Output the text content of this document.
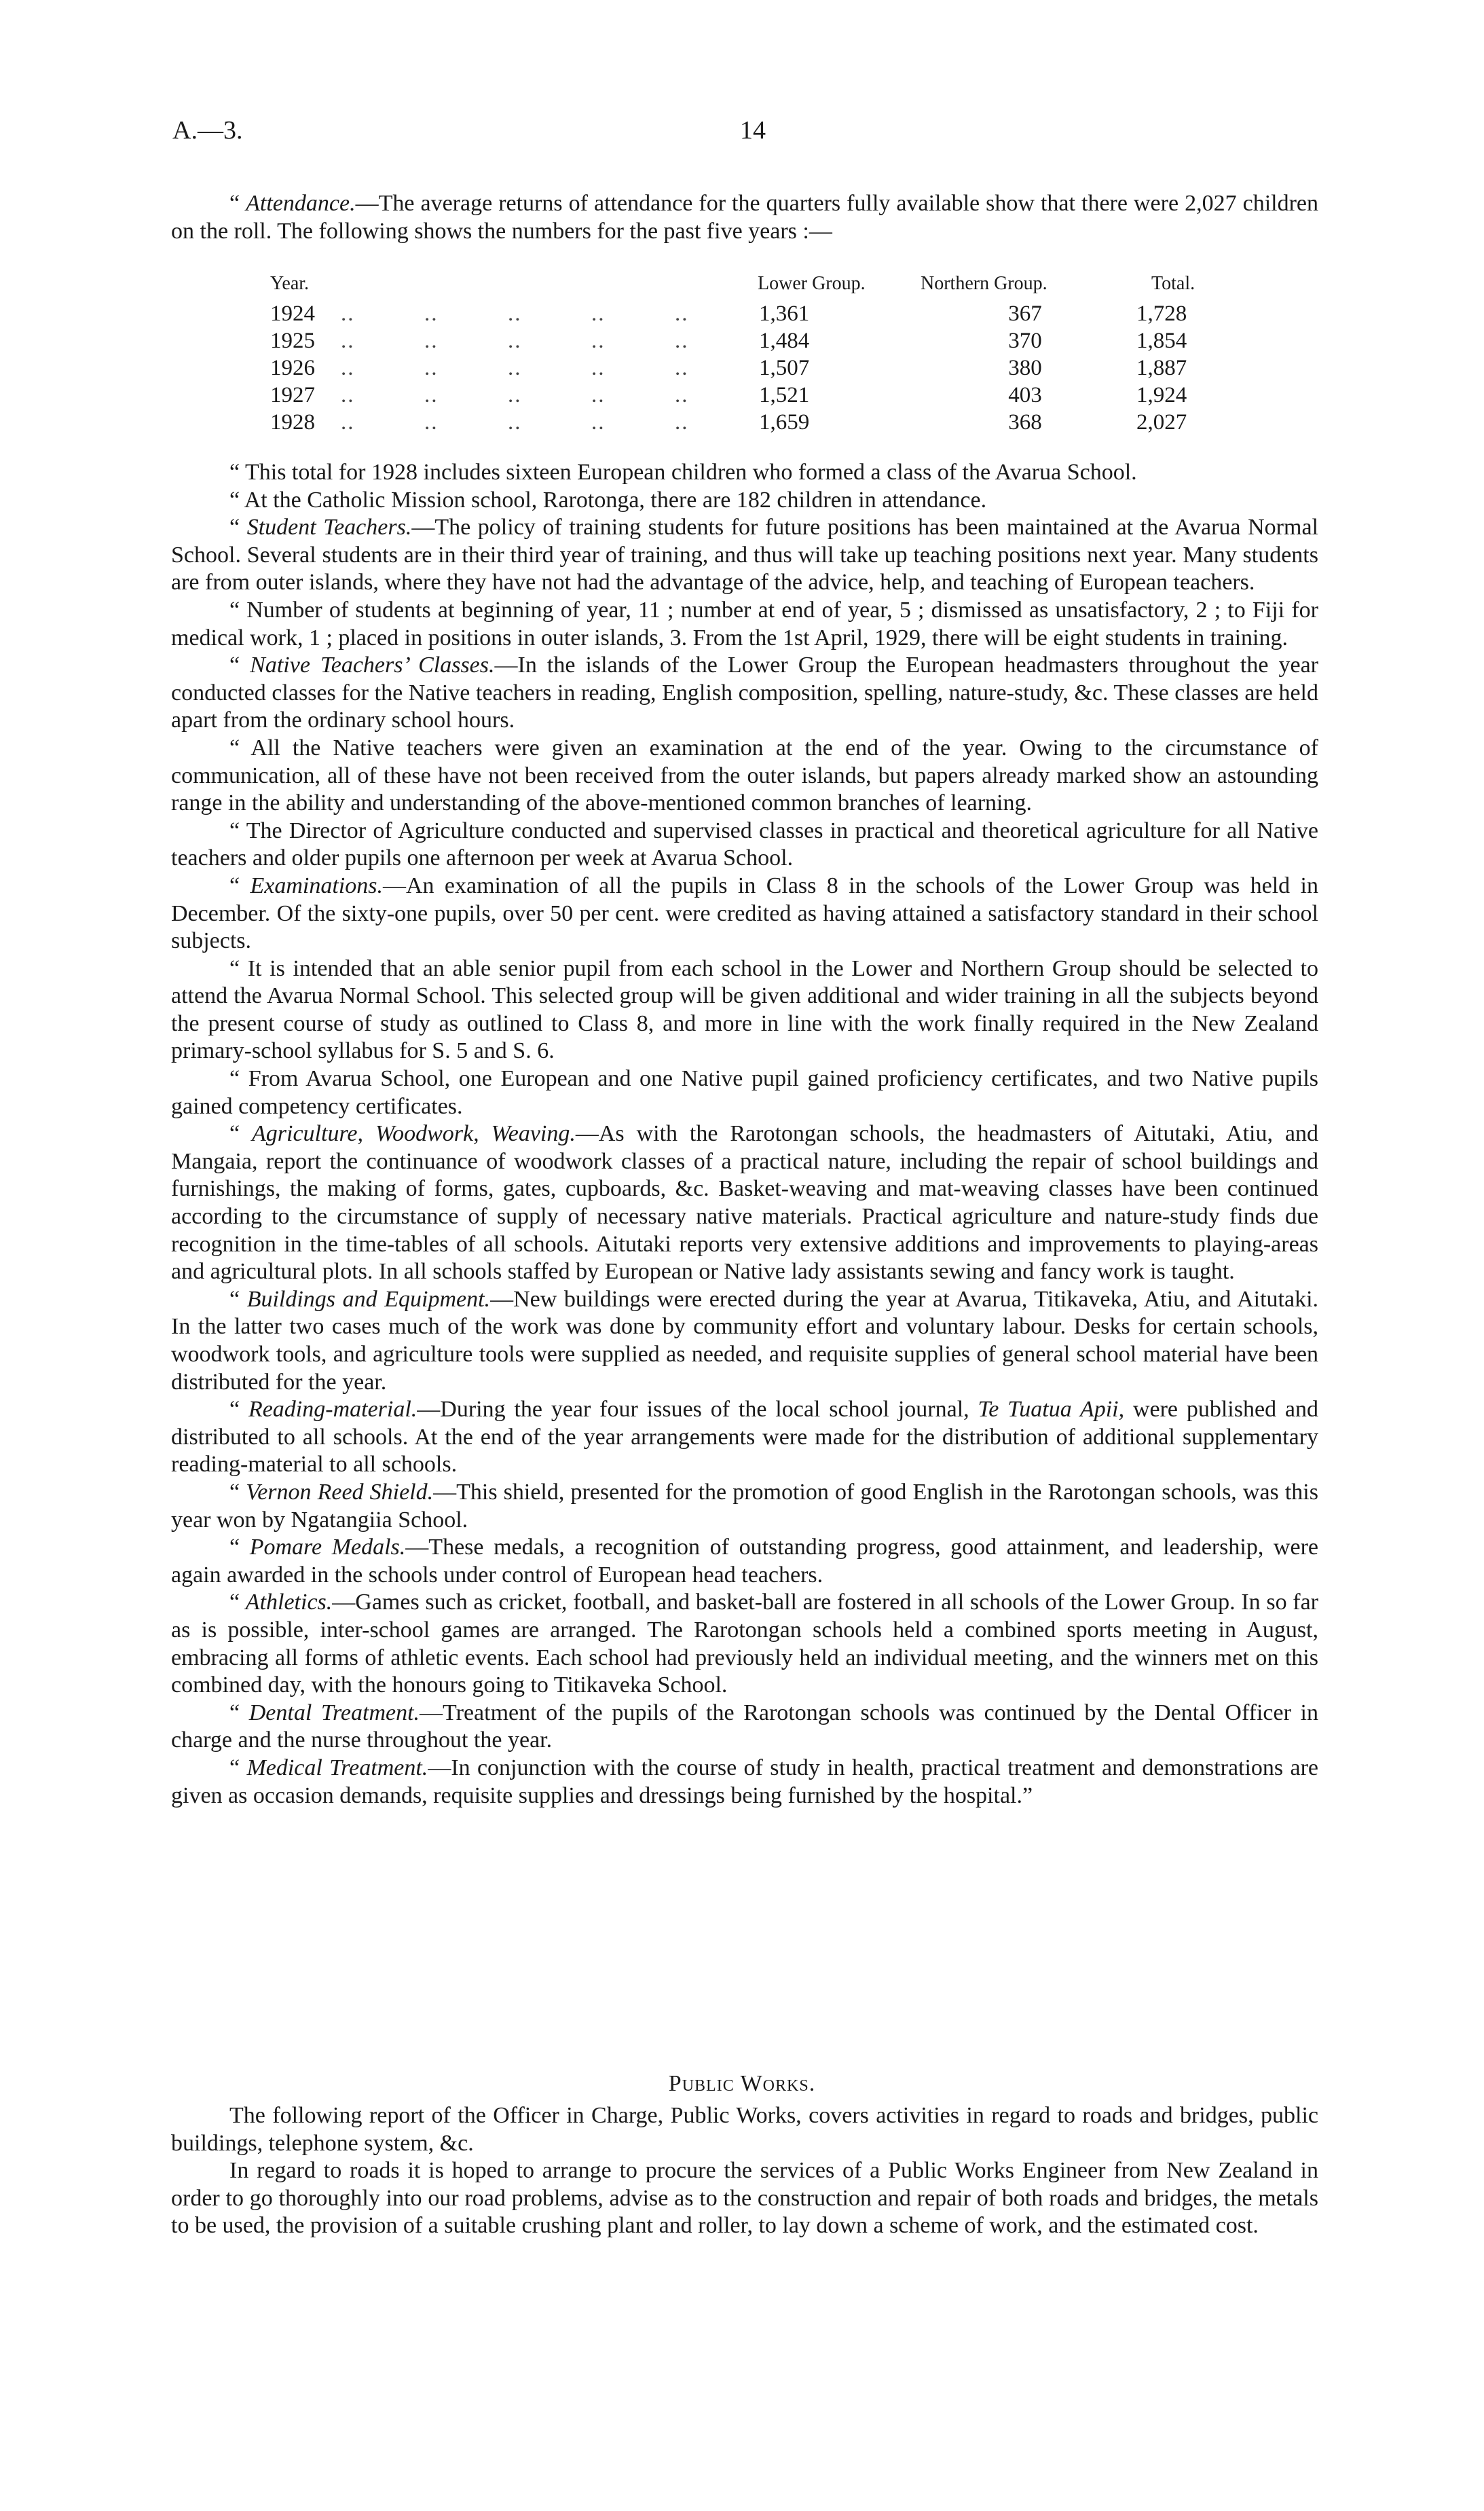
A.—3.	14

“ Attendance.—The average returns of attendance for the quarters fully available show that there were 2,027 children on the roll. The following shows the numbers for the past five years :—

Year.	Lower Group.	Northern Group.	Total.
1924 ..          ..          ..          ..          ..	1,361	367	1,728
1925 ..          ..          ..          ..          ..	1,484	370	1,854
1926 ..          ..          ..          ..          ..	1,507	380	1,887
1927 ..          ..          ..          ..          ..	1,521	403	1,924
1928 ..          ..          ..          ..          ..	1,659	368	2,027

“ This total for 1928 includes sixteen European children who formed a class of the Avarua School.

“ At the Catholic Mission school, Rarotonga, there are 182 children in attendance.

“ Student Teachers.—The policy of training students for future positions has been maintained at the Avarua Normal School. Several students are in their third year of training, and thus will take up teaching positions next year. Many students are from outer islands, where they have not had the advantage of the advice, help, and teaching of European teachers.

“ Number of students at beginning of year, 11 ; number at end of year, 5 ; dismissed as unsatisfactory, 2 ; to Fiji for medical work, 1 ; placed in positions in outer islands, 3. From the 1st April, 1929, there will be eight students in training.

“ Native Teachers’ Classes.—In the islands of the Lower Group the European headmasters throughout the year conducted classes for the Native teachers in reading, English composition, spelling, nature-study, &c. These classes are held apart from the ordinary school hours.

“ All the Native teachers were given an examination at the end of the year. Owing to the circumstance of communication, all of these have not been received from the outer islands, but papers already marked show an astounding range in the ability and understanding of the above-mentioned common branches of learning.

“ The Director of Agriculture conducted and supervised classes in practical and theoretical agriculture for all Native teachers and older pupils one afternoon per week at Avarua School.

“ Examinations.—An examination of all the pupils in Class 8 in the schools of the Lower Group was held in December. Of the sixty-one pupils, over 50 per cent. were credited as having attained a satisfactory standard in their school subjects.

“ It is intended that an able senior pupil from each school in the Lower and Northern Group should be selected to attend the Avarua Normal School. This selected group will be given additional and wider training in all the subjects beyond the present course of study as outlined to Class 8, and more in line with the work finally required in the New Zealand primary-school syllabus for S. 5 and S. 6.

“ From Avarua School, one European and one Native pupil gained proficiency certificates, and two Native pupils gained competency certificates.

“ Agriculture, Woodwork, Weaving.—As with the Rarotongan schools, the headmasters of Aitutaki, Atiu, and Mangaia, report the continuance of woodwork classes of a practical nature, including the repair of school buildings and furnishings, the making of forms, gates, cupboards, &c. Basket-weaving and mat-weaving classes have been continued according to the circumstance of supply of necessary native materials. Practical agriculture and nature-study finds due recognition in the time-tables of all schools. Aitutaki reports very extensive additions and improvements to playing-areas and agricultural plots. In all schools staffed by European or Native lady assistants sewing and fancy work is taught.

“ Buildings and Equipment.—New buildings were erected during the year at Avarua, Titikaveka, Atiu, and Aitutaki. In the latter two cases much of the work was done by community effort and voluntary labour. Desks for certain schools, woodwork tools, and agriculture tools were supplied as needed, and requisite supplies of general school material have been distributed for the year.

“ Reading-material.—During the year four issues of the local school journal, Te Tuatua Apii, were published and distributed to all schools. At the end of the year arrangements were made for the distribution of additional supplementary reading-material to all schools.

“ Vernon Reed Shield.—This shield, presented for the promotion of good English in the Rarotongan schools, was this year won by Ngatangiia School.

“ Pomare Medals.—These medals, a recognition of outstanding progress, good attainment, and leadership, were again awarded in the schools under control of European head teachers.

“ Athletics.—Games such as cricket, football, and basket-ball are fostered in all schools of the Lower Group. In so far as is possible, inter-school games are arranged. The Rarotongan schools held a combined sports meeting in August, embracing all forms of athletic events. Each school had previously held an individual meeting, and the winners met on this combined day, with the honours going to Titikaveka School.

“ Dental Treatment.—Treatment of the pupils of the Rarotongan schools was continued by the Dental Officer in charge and the nurse throughout the year.

“ Medical Treatment.—In conjunction with the course of study in health, practical treatment and demonstrations are given as occasion demands, requisite supplies and dressings being furnished by the hospital.”

Public Works.

The following report of the Officer in Charge, Public Works, covers activities in regard to roads and bridges, public buildings, telephone system, &c.

In regard to roads it is hoped to arrange to procure the services of a Public Works Engineer from New Zealand in order to go thoroughly into our road problems, advise as to the construction and repair of both roads and bridges, the metals to be used, the provision of a suitable crushing plant and roller, to lay down a scheme of work, and the estimated cost.
